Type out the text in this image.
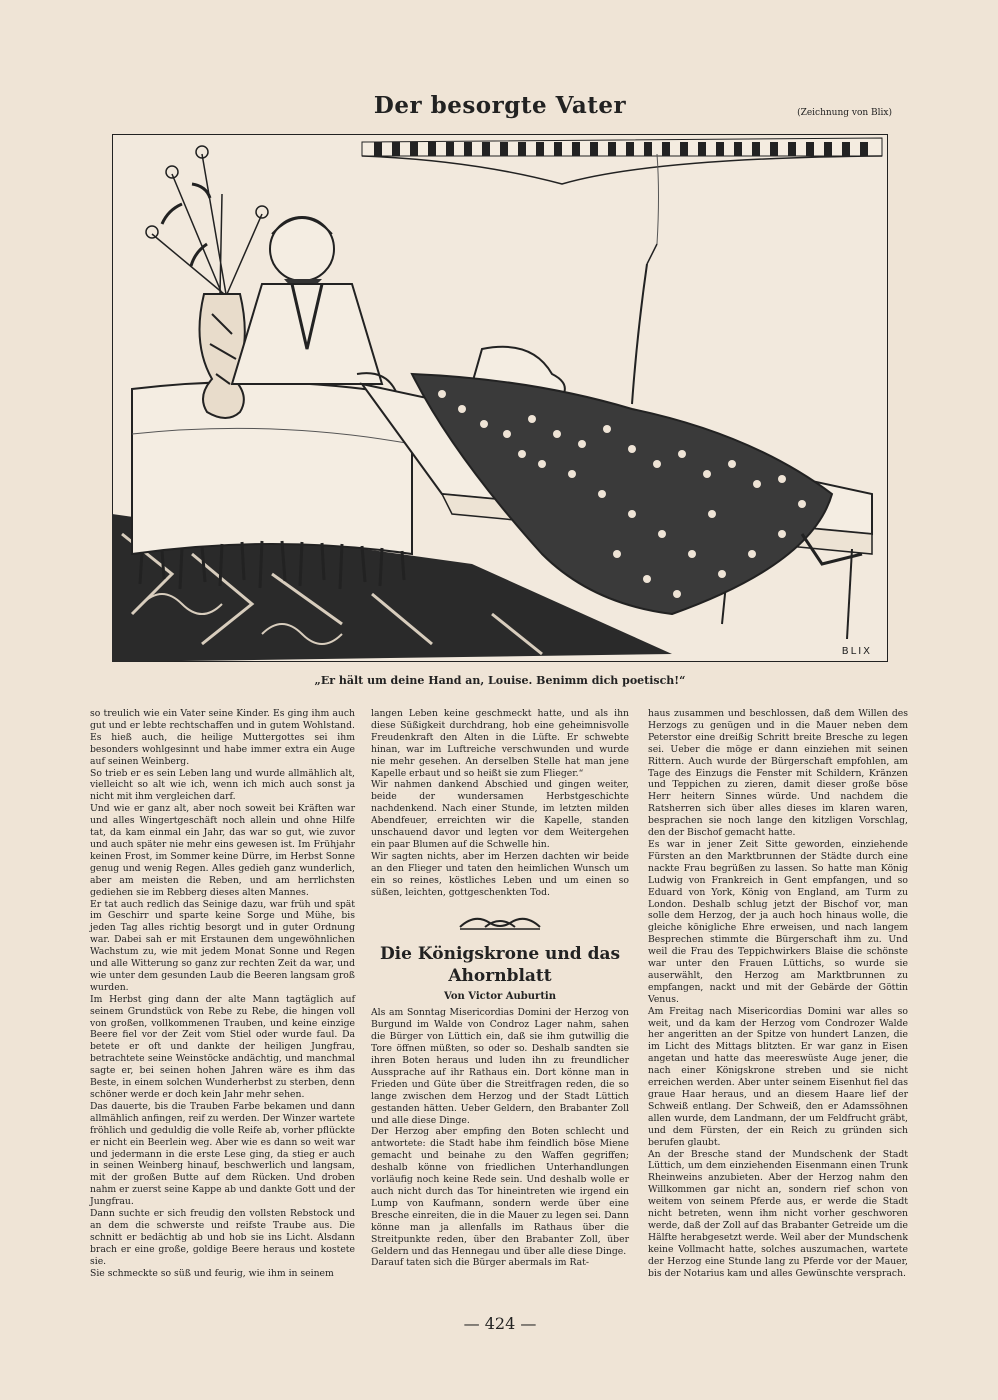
Der besorgte Vater	(Zeichnung von Blix)
BLIX
„Er hält um deine Hand an, Louise. Benimm dich poetisch!“

so treulich wie ein Vater seine Kinder. Es ging ihm auch gut und er lebte rechtschaffen und in gutem Wohlstand. Es hieß auch, die heilige Muttergottes sei ihm besonders wohlgesinnt und habe immer extra ein Auge auf seinen Weinberg.

So trieb er es sein Leben lang und wurde allmählich alt, vielleicht so alt wie ich, wenn ich mich auch sonst ja nicht mit ihm vergleichen darf.

Und wie er ganz alt, aber noch soweit bei Kräften war und alles Wingertgeschäft noch allein und ohne Hilfe tat, da kam einmal ein Jahr, das war so gut, wie zuvor und auch später nie mehr eins gewesen ist. Im Frühjahr keinen Frost, im Sommer keine Dürre, im Herbst Sonne genug und wenig Regen. Alles gedieh ganz wunderlich, aber am meisten die Reben, und am herrlichsten gediehen sie im Rebberg dieses alten Mannes.

Er tat auch redlich das Seinige dazu, war früh und spät im Geschirr und sparte keine Sorge und Mühe, bis jeden Tag alles richtig besorgt und in guter Ordnung war. Dabei sah er mit Erstaunen dem ungewöhnlichen Wachstum zu, wie mit jedem Monat Sonne und Regen und alle Witterung so ganz zur rechten Zeit da war, und wie unter dem gesunden Laub die Beeren langsam groß wurden.

Im Herbst ging dann der alte Mann tagtäglich auf seinem Grundstück von Rebe zu Rebe, die hingen voll von großen, vollkommenen Trauben, und keine einzige Beere fiel vor der Zeit vom Stiel oder wurde faul. Da betete er oft und dankte der heiligen Jungfrau, betrachtete seine Weinstöcke andächtig, und manchmal sagte er, bei seinen hohen Jahren wäre es ihm das Beste, in einem solchen Wunderherbst zu sterben, denn schöner werde er doch kein Jahr mehr sehen.

Das dauerte, bis die Trauben Farbe bekamen und dann allmählich anfingen, reif zu werden. Der Winzer wartete fröhlich und geduldig die volle Reife ab, vorher pflückte er nicht ein Beerlein weg. Aber wie es dann so weit war und jedermann in die erste Lese ging, da stieg er auch in seinen Weinberg hinauf, beschwerlich und langsam, mit der großen Butte auf dem Rücken. Und droben nahm er zuerst seine Kappe ab und dankte Gott und der Jungfrau.

Dann suchte er sich freudig den vollsten Rebstock und an dem die schwerste und reifste Traube aus. Die schnitt er bedächtig ab und hob sie ins Licht. Alsdann brach er eine große, goldige Beere heraus und kostete sie.

Sie schmeckte so süß und feurig, wie ihm in seinem

langen Leben keine geschmeckt hatte, und als ihn diese Süßigkeit durchdrang, hob eine geheimnisvolle Freudenkraft den Alten in die Lüfte. Er schwebte hinan, war im Luftreiche verschwunden und wurde nie mehr gesehen. An derselben Stelle hat man jene Kapelle erbaut und so heißt sie zum Flieger.“

Wir nahmen dankend Abschied und gingen weiter, beide der wundersamen Herbstgeschichte nachdenkend. Nach einer Stunde, im letzten milden Abendfeuer, erreichten wir die Kapelle, standen unschauend davor und legten vor dem Weitergehen ein paar Blumen auf die Schwelle hin.

Wir sagten nichts, aber im Herzen dachten wir beide an den Flieger und taten den heimlichen Wunsch um ein so reines, köstliches Leben und um einen so süßen, leichten, gottgeschenkten Tod.

Die Königskrone und das Ahornblatt
Von Victor Auburtin

Als am Sonntag Misericordias Domini der Herzog von Burgund im Walde von Condroz Lager nahm, sahen die Bürger von Lüttich ein, daß sie ihm gutwillig die Tore öffnen müßten, so oder so. Deshalb sandten sie ihren Boten heraus und luden ihn zu freundlicher Aussprache auf ihr Rathaus ein. Dort könne man in Frieden und Güte über die Streitfragen reden, die so lange zwischen dem Herzog und der Stadt Lüttich gestanden hätten. Ueber Geldern, den Brabanter Zoll und alle diese Dinge.

Der Herzog aber empfing den Boten schlecht und antwortete: die Stadt habe ihm feindlich böse Miene gemacht und beinahe zu den Waffen gegriffen; deshalb könne von friedlichen Unterhandlungen vorläufig noch keine Rede sein. Und deshalb wolle er auch nicht durch das Tor hineintreten wie irgend ein Lump von Kaufmann, sondern werde über eine Bresche einreiten, die in die Mauer zu legen sei. Dann könne man ja allenfalls im Rathaus über die Streitpunkte reden, über den Brabanter Zoll, über Geldern und das Hennegau und über alle diese Dinge.

Darauf taten sich die Bürger abermals im Rat-

haus zusammen und beschlossen, daß dem Willen des Herzogs zu genügen und in die Mauer neben dem Peterstor eine dreißig Schritt breite Bresche zu legen sei. Ueber die möge er dann einziehen mit seinen Rittern. Auch wurde der Bürgerschaft empfohlen, am Tage des Einzugs die Fenster mit Schildern, Kränzen und Teppichen zu zieren, damit dieser große böse Herr heitern Sinnes würde. Und nachdem die Ratsherren sich über alles dieses im klaren waren, besprachen sie noch lange den kitzligen Vorschlag, den der Bischof gemacht hatte.

Es war in jener Zeit Sitte geworden, einziehende Fürsten an den Marktbrunnen der Städte durch eine nackte Frau begrüßen zu lassen. So hatte man König Ludwig von Frankreich in Gent empfangen, und so Eduard von York, König von England, am Turm zu London. Deshalb schlug jetzt der Bischof vor, man solle dem Herzog, der ja auch hoch hinaus wolle, die gleiche königliche Ehre erweisen, und nach langem Besprechen stimmte die Bürgerschaft ihm zu. Und weil die Frau des Teppichwirkers Blaise die schönste war unter den Frauen Lüttichs, so wurde sie auserwählt, den Herzog am Marktbrunnen zu empfangen, nackt und mit der Gebärde der Göttin Venus.

Am Freitag nach Misericordias Domini war alles so weit, und da kam der Herzog vom Condrozer Walde her angeritten an der Spitze von hundert Lanzen, die im Licht des Mittags blitzten. Er war ganz in Eisen angetan und hatte das meereswüste Auge jener, die nach einer Königskrone streben und sie nicht erreichen werden. Aber unter seinem Eisenhut fiel das graue Haar heraus, und an diesem Haare lief der Schweiß entlang. Der Schweiß, den er Adamssöhnen allen wurde, dem Landmann, der um Feldfrucht gräbt, und dem Fürsten, der ein Reich zu gründen sich berufen glaubt.

An der Bresche stand der Mundschenk der Stadt Lüttich, um dem einziehenden Eisenmann einen Trunk Rheinweins anzubieten. Aber der Herzog nahm den Willkommen gar nicht an, sondern rief schon von weitem von seinem Pferde aus, er werde die Stadt nicht betreten, wenn ihm nicht vorher geschworen werde, daß der Zoll auf das Brabanter Getreide um die Hälfte herabgesetzt werde. Weil aber der Mundschenk keine Vollmacht hatte, solches auszumachen, wartete der Herzog eine Stunde lang zu Pferde vor der Mauer, bis der Notarius kam und alles Gewünschte versprach.

— 424 —
